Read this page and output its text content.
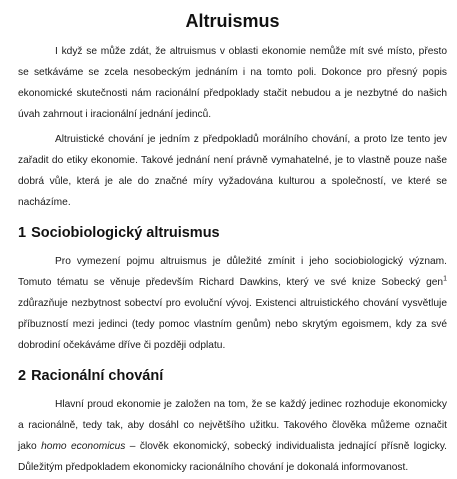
Altruismus

I když se může zdát, že altruismus v oblasti ekonomie nemůže mít své místo, přesto se setkáváme se zcela nesobeckým jednáním i na tomto poli. Dokonce pro přesný popis ekonomické skutečnosti nám racionální předpoklady stačit nebudou a je nezbytné do našich úvah zahrnout i iracionální jednání jedinců.

Altruistické chování je jedním z předpokladů morálního chování, a proto lze tento jev zařadit do etiky ekonomie. Takové jednání není právně vymahatelné, je to vlastně pouze naše dobrá vůle, která je ale do značné míry vyžadována kulturou a společností, ve které se nacházíme.

1 Sociobiologický altruismus

Pro vymezení pojmu altruismus je důležité zmínit i jeho sociobiologický význam. Tomuto tématu se věnuje především Richard Dawkins, který ve své knize Sobecký gen$^1$ zdůrazňuje nezbytnost sobectví pro evoluční vývoj. Existenci altruistického chování vysvětluje příbuzností mezi jedinci (tedy pomoc vlastním genům) nebo skrytým egoismem, kdy za své dobrodiní očekáváme dříve či později odplatu.

2 Racionální chování

Hlavní proud ekonomie je založen na tom, že se každý jedinec rozhoduje ekonomicky a racionálně, tedy tak, aby dosáhl co největšího užitku. Takového člověka můžeme označit jako homo economicus – člověk ekonomický, sobecký individualista jednající přísně logicky. Důležitým předpokladem ekonomicky racionálního chování je dokonalá informovanost.
